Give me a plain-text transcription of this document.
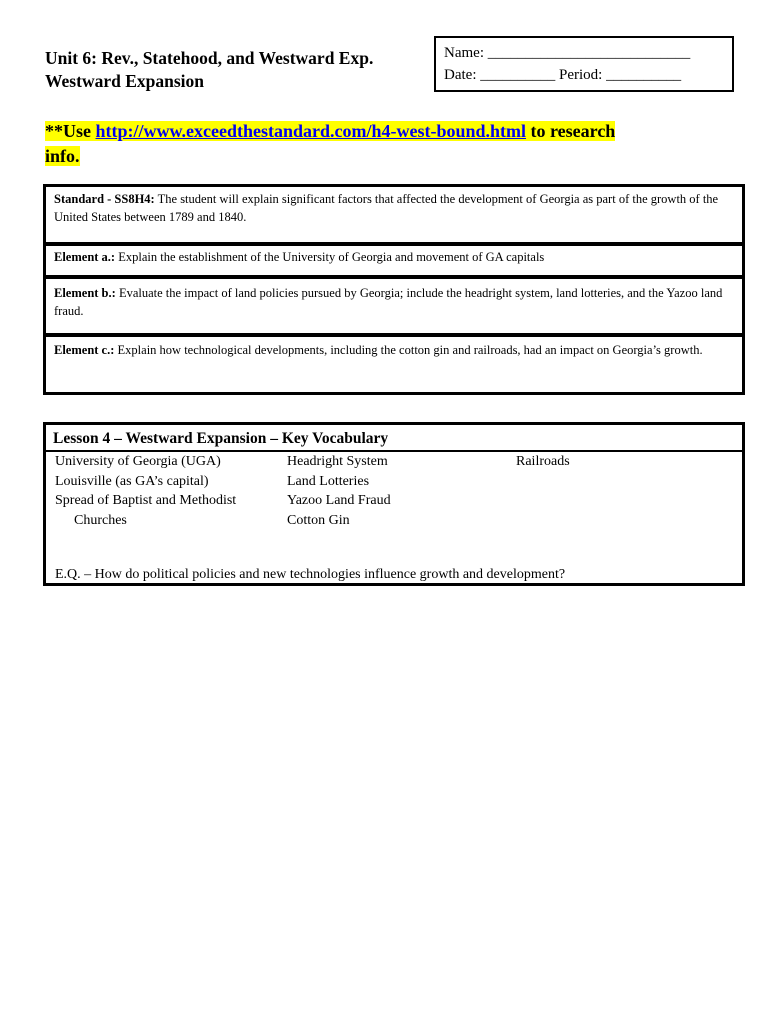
Unit 6: Rev., Statehood, and Westward Exp.
Westward Expansion
Name: ___________________________
Date: __________ Period: __________
**Use http://www.exceedthestandard.com/h4-west-bound.html to research
info.
Standard - SS8H4: The student will explain significant factors that affected the development of Georgia as part of the growth of the United States between 1789 and 1840.
Element a.: Explain the establishment of the University of Georgia and movement of GA capitals
Element b.: Evaluate the impact of land policies pursued by Georgia; include the headright system, land lotteries, and the Yazoo land fraud.
Element c.: Explain how technological developments, including the cotton gin and railroads, had an impact on Georgia’s growth.
Lesson 4 – Westward Expansion – Key Vocabulary
University of Georgia (UGA)
Louisville (as GA’s capital)
Spread of Baptist and Methodist
Churches
Headright System
Land Lotteries
Yazoo Land Fraud
Cotton Gin
Railroads
E.Q. – How do political policies and new technologies influence growth and development?
